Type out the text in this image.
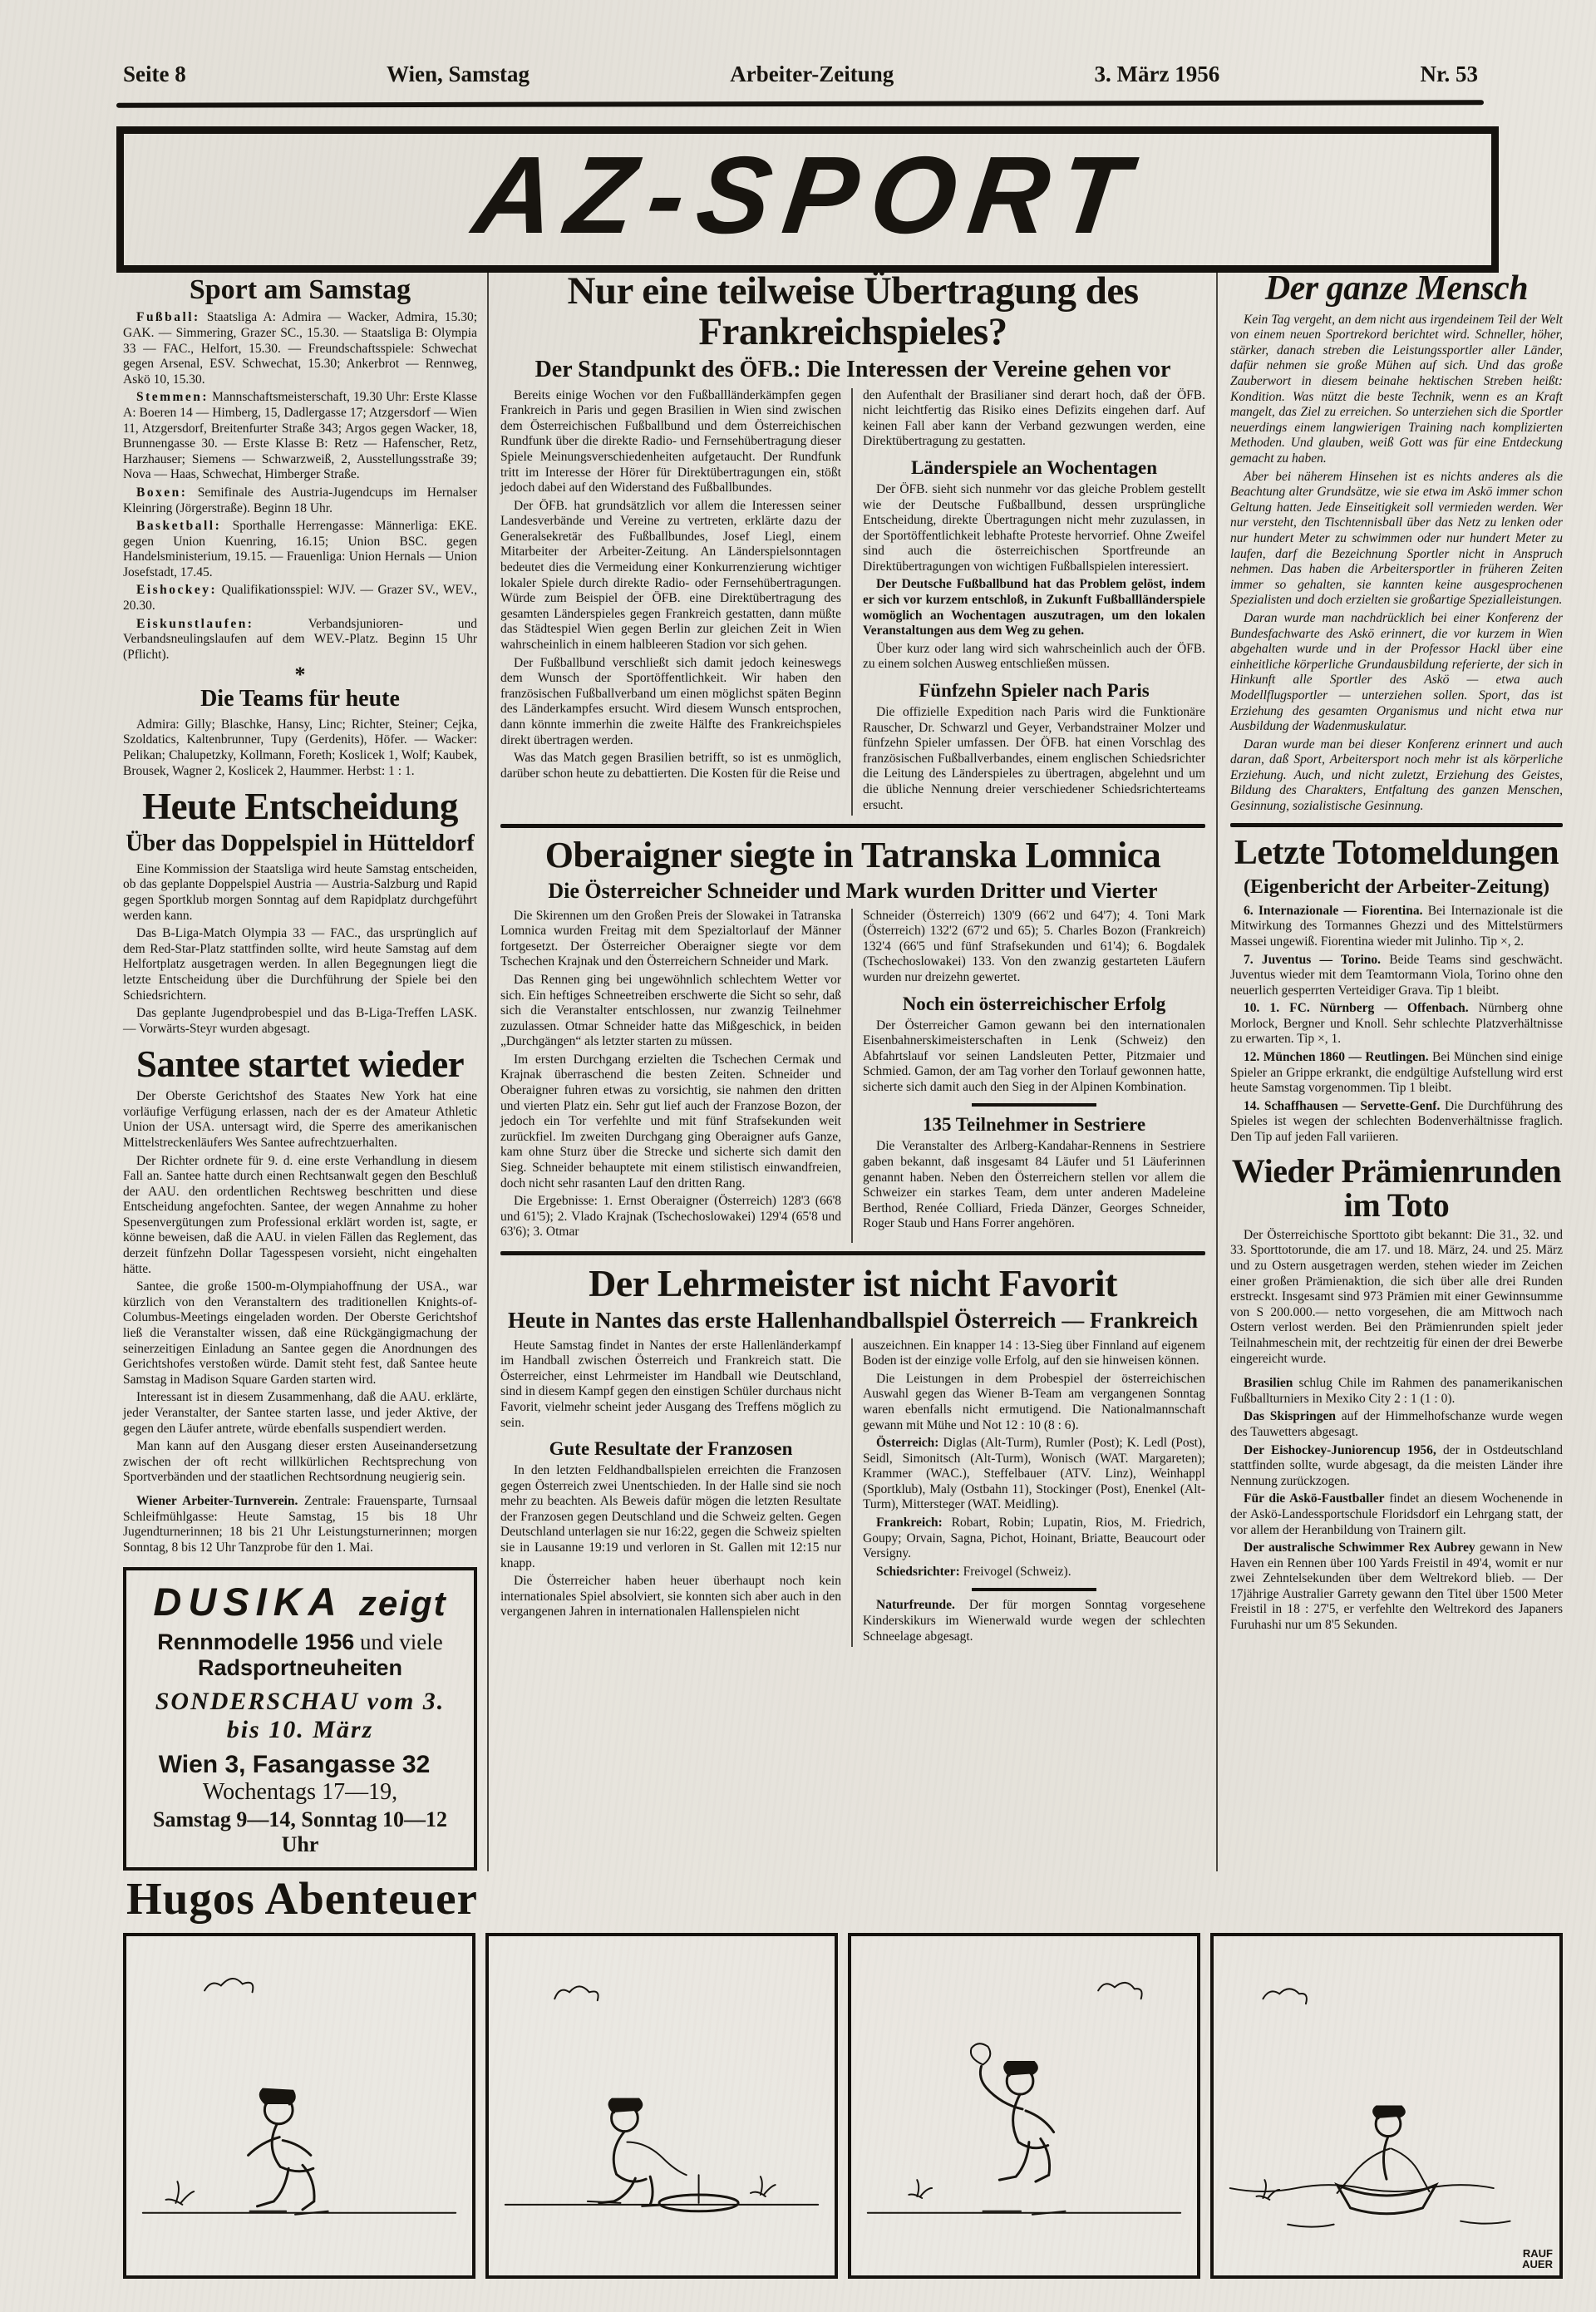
Seite 8	Wien, Samstag	Arbeiter-Zeitung	3. März 1956	Nr. 53
AZ-SPORT
Sport am Samstag

Fußball: Staatsliga A: Admira — Wacker, Admira, 15.30; GAK. — Simmering, Grazer SC., 15.30. — Staatsliga B: Olympia 33 — FAC., Helfort, 15.30. — Freundschaftsspiele: Schwechat gegen Arsenal, ESV. Schwechat, 15.30; Ankerbrot — Rennweg, Askö 10, 15.30.

Stemmen: Mannschaftsmeisterschaft, 19.30 Uhr: Erste Klasse A: Boeren 14 — Himberg, 15, Dadlergasse 17; Atzgersdorf — Wien 11, Atzgersdorf, Breitenfurter Straße 343; Argos gegen Wacker, 18, Brunnengasse 30. — Erste Klasse B: Retz — Hafenscher, Retz, Harzhauser; Siemens — Schwarzweiß, 2, Ausstellungsstraße 39; Nova — Haas, Schwechat, Himberger Straße.

Boxen: Semifinale des Austria-Jugendcups im Hernalser Kleinring (Jörgerstraße). Beginn 18 Uhr.

Basketball: Sporthalle Herrengasse: Männerliga: EKE. gegen Union Kuenring, 16.15; Union BSC. gegen Handelsministerium, 19.15. — Frauenliga: Union Hernals — Union Josefstadt, 17.45.

Eishockey: Qualifikationsspiel: WJV. — Grazer SV., WEV., 20.30.

Eiskunstlaufen:	Verbandsjunioren- und Verbandsneulingslaufen auf dem WEV.-Platz. Beginn 15 Uhr (Pflicht).

*

Die Teams für heute

Admira: Gilly; Blaschke, Hansy, Linc; Richter, Steiner; Cejka, Szoldatics, Kaltenbrunner, Tupy (Gerdenits), Höfer. — Wacker: Pelikan; Chalupetzky, Kollmann, Foreth; Koslicek 1, Wolf; Kaubek, Brousek, Wagner 2, Koslicek 2, Haummer. Herbst: 1 : 1.

Heute Entscheidung
Über das Doppelspiel in Hütteldorf

Eine Kommission der Staatsliga wird heute Samstag entscheiden, ob das geplante Doppelspiel Austria — Austria-Salzburg und Rapid gegen Sportklub morgen Sonntag auf dem Rapidplatz durchgeführt werden kann.

Das B-Liga-Match Olympia 33 — FAC., das ursprünglich auf dem Red-Star-Platz stattfinden sollte, wird heute Samstag auf dem Helfortplatz ausgetragen werden. In allen Begegnungen liegt die letzte Entscheidung über die Durchführung der Spiele bei den Schiedsrichtern.

Das geplante Jugendprobespiel und das B-Liga-Treffen LASK. — Vorwärts-Steyr wurden abgesagt.

Santee startet wieder

Der Oberste Gerichtshof des Staates New York hat eine vorläufige Verfügung erlassen, nach der es der Amateur Athletic Union der USA. untersagt wird, die Sperre des amerikanischen Mittelstreckenläufers Wes Santee aufrechtzuerhalten.

Der Richter ordnete für 9. d. eine erste Verhandlung in diesem Fall an. Santee hatte durch einen Rechtsanwalt gegen den Beschluß der AAU. den ordentlichen Rechtsweg beschritten und diese Entscheidung angefochten. Santee, der wegen Annahme zu hoher Spesenvergütungen zum Professional erklärt worden ist, sagte, er könne beweisen, daß die AAU. in vielen Fällen das Reglement, das derzeit fünfzehn Dollar Tagesspesen vorsieht, nicht eingehalten hätte.

Santee, die große 1500-m-Olympiahoffnung der USA., war kürzlich von den Veranstaltern des traditionellen Knights-of-Columbus-Meetings eingeladen worden. Der Oberste Gerichtshof ließ die Veranstalter wissen, daß eine Rückgängigmachung der seinerzeitigen Einladung an Santee gegen die Anordnungen des Gerichtshofes verstoßen würde. Damit steht fest, daß Santee heute Samstag in Madison Square Garden starten wird.

Interessant ist in diesem Zusammenhang, daß die AAU. erklärte, jeder Veranstalter, der Santee starten lasse, und jeder Aktive, der gegen den Läufer antrete, würde ebenfalls suspendiert werden.

Man kann auf den Ausgang dieser ersten Auseinandersetzung zwischen der oft recht willkürlichen Rechtsprechung von Sportverbänden und der staatlichen Rechtsordnung neugierig sein.

Wiener Arbeiter-Turnverein. Zentrale: Frauensparte, Turnsaal Schleifmühlgasse: Heute Samstag, 15 bis 18 Uhr Jugendturnerinnen; 18 bis 21 Uhr Leistungsturnerinnen; morgen Sonntag, 8 bis 12 Uhr Tanzprobe für den 1. Mai.

DUSIKA zeigt
Rennmodelle 1956 und viele Radsportneuheiten
SONDERSCHAU vom 3. bis 10. März
Wien 3, Fasangasse 32   Wochentags 17—19,
Samstag 9—14, Sonntag 10—12 Uhr
Nur eine teilweise Übertragung des
Frankreichspieles?
Der Standpunkt des ÖFB.: Die Interessen der Vereine gehen vor

Bereits einige Wochen vor den Fußballländerkämpfen gegen Frankreich in Paris und gegen Brasilien in Wien sind zwischen dem Österreichischen Fußballbund und dem Österreichischen Rundfunk über die direkte Radio- und Fernsehübertragung dieser Spiele Meinungsverschiedenheiten aufgetaucht. Der Rundfunk tritt im Interesse der Hörer für Direktübertragungen ein, stößt jedoch dabei auf den Widerstand des Fußballbundes.

Der ÖFB. hat grundsätzlich vor allem die Interessen seiner Landesverbände und Vereine zu vertreten, erklärte dazu der Generalsekretär des Fußballbundes, Josef Liegl, einem Mitarbeiter der Arbeiter-Zeitung. An Länderspielsonntagen bedeutet dies die Vermeidung einer Konkurrenzierung wichtiger lokaler Spiele durch direkte Radio- oder Fernsehübertragungen. Würde zum Beispiel der ÖFB. eine Direktübertragung des gesamten Länderspieles gegen Frankreich gestatten, dann müßte das Städtespiel Wien gegen Berlin zur gleichen Zeit in Wien wahrscheinlich in einem halbleeren Stadion vor sich gehen.

Der Fußballbund verschließt sich damit jedoch keineswegs dem Wunsch der Sportöffentlichkeit. Wir haben den französischen Fußballverband um einen möglichst späten Beginn des Länderkampfes ersucht. Wird diesem Wunsch entsprochen, dann könnte immerhin die zweite Hälfte des Frankreichspieles direkt übertragen werden.

Was das Match gegen Brasilien betrifft, so ist es unmöglich, darüber schon heute zu debattierten. Die Kosten für die Reise und

den Aufenthalt der Brasilianer sind derart hoch, daß der ÖFB. nicht leichtfertig das Risiko eines Defizits eingehen darf. Auf keinen Fall aber kann der Verband gezwungen werden, eine Direktübertragung zu gestatten.

Länderspiele an Wochentagen

Der ÖFB. sieht sich nunmehr vor das gleiche Problem gestellt wie der Deutsche Fußballbund, dessen ursprüngliche Entscheidung, direkte Übertragungen nicht mehr zuzulassen, in der Sportöffentlichkeit lebhafte Proteste hervorrief. Ohne Zweifel sind auch die österreichischen Sportfreunde an Direktübertragungen von wichtigen Fußballspielen interessiert.

Der Deutsche Fußballbund hat das Problem gelöst, indem er sich vor kurzem entschloß, in Zukunft Fußballländerspiele womöglich an Wochentagen auszutragen, um den lokalen Veranstaltungen aus dem Weg zu gehen.

Über kurz oder lang wird sich wahrscheinlich auch der ÖFB. zu einem solchen Ausweg entschließen müssen.

Fünfzehn Spieler nach Paris

Die offizielle Expedition nach Paris wird die Funktionäre Rauscher, Dr. Schwarzl und Geyer, Verbandstrainer Molzer und fünfzehn Spieler umfassen. Der ÖFB. hat einen Vorschlag des französischen Fußballverbandes, einem englischen Schiedsrichter die Leitung des Länderspieles zu übertragen, abgelehnt und um die übliche Nennung dreier verschiedener Schiedsrichterteams ersucht.

Oberaigner siegte in Tatranska Lomnica
Die Österreicher Schneider und Mark wurden Dritter und Vierter

Die Skirennen um den Großen Preis der Slowakei in Tatranska Lomnica wurden Freitag mit dem Spezialtorlauf der Männer fortgesetzt. Der Österreicher Oberaigner siegte vor dem Tschechen Krajnak und den Österreichern Schneider und Mark.

Das Rennen ging bei ungewöhnlich schlechtem Wetter vor sich. Ein heftiges Schneetreiben erschwerte die Sicht so sehr, daß sich die Veranstalter entschlossen, nur zwanzig Teilnehmer zuzulassen. Otmar Schneider hatte das Mißgeschick, in beiden „Durchgängen“ als letzter starten zu müssen.

Im ersten Durchgang erzielten die Tschechen Cermak und Krajnak überraschend die besten Zeiten. Schneider und Oberaigner fuhren etwas zu vorsichtig, sie nahmen den dritten und vierten Platz ein. Sehr gut lief auch der Franzose Bozon, der jedoch ein Tor verfehlte und mit fünf Strafsekunden weit zurückfiel. Im zweiten Durchgang ging Oberaigner aufs Ganze, kam ohne Sturz über die Strecke und sicherte sich damit den Sieg. Schneider behauptete mit einem stilistisch einwandfreien, doch nicht sehr rasanten Lauf den dritten Rang.

Die Ergebnisse: 1. Ernst Oberaigner (Österreich) 128'3 (66'8 und 61'5); 2. Vlado Krajnak (Tschechoslowakei) 129'4 (65'8 und 63'6); 3. Otmar

Schneider (Österreich) 130'9 (66'2 und 64'7); 4. Toni Mark (Österreich) 132'2 (67'2 und 65); 5. Charles Bozon (Frankreich) 132'4 (66'5 und fünf Strafsekunden und 61'4); 6. Bogdalek (Tschechoslowakei) 133. Von den zwanzig gestarteten Läufern wurden nur dreizehn gewertet.

Noch ein österreichischer Erfolg

Der Österreicher Gamon gewann bei den internationalen Eisenbahnerskimeisterschaften in Lenk (Schweiz) den Abfahrtslauf vor seinen Landsleuten Petter, Pitzmaier und Schmied. Gamon, der am Tag vorher den Torlauf gewonnen hatte, sicherte sich damit auch den Sieg in der Alpinen Kombination.

135 Teilnehmer in Sestriere

Die Veranstalter des Arlberg-Kandahar-Rennens in Sestriere gaben bekannt, daß insgesamt 84 Läufer und 51 Läuferinnen genannt haben. Neben den Österreichern stellen vor allem die Schweizer ein starkes Team, dem unter anderen Madeleine Berthod, Renée Colliard, Frieda Dänzer, Georges Schneider, Roger Staub und Hans Forrer angehören.

Der Lehrmeister ist nicht Favorit
Heute in Nantes das erste Hallenhandballspiel Österreich — Frankreich

Heute Samstag findet in Nantes der erste Hallenländerkampf im Handball zwischen Österreich und Frankreich statt. Die Österreicher, einst Lehrmeister im Handball wie Deutschland, sind in diesem Kampf gegen den einstigen Schüler durchaus nicht Favorit, vielmehr scheint jeder Ausgang des Treffens möglich zu sein.

Gute Resultate der Franzosen

In den letzten Feldhandballspielen erreichten die Franzosen gegen Österreich zwei Unentschieden. In der Halle sind sie noch mehr zu beachten. Als Beweis dafür mögen die letzten Resultate der Franzosen gegen Deutschland und die Schweiz gelten. Gegen Deutschland unterlagen sie nur 16:22, gegen die Schweiz spielten sie in Lausanne 19:19 und verloren in St. Gallen mit 12:15 nur knapp.

Die Österreicher haben heuer überhaupt noch kein internationales Spiel absolviert, sie konnten sich aber auch in den vergangenen Jahren in internationalen Hallenspielen nicht

auszeichnen. Ein knapper 14 : 13-Sieg über Finnland auf eigenem Boden ist der einzige volle Erfolg, auf den sie hinweisen können.

Die Leistungen in dem Probespiel der österreichischen Auswahl gegen das Wiener B-Team am vergangenen Sonntag waren ebenfalls nicht ermutigend. Die Nationalmannschaft gewann mit Mühe und Not 12 : 10 (8 : 6).

Österreich: Diglas (Alt-Turm), Rumler (Post); K. Ledl (Post), Seidl, Simonitsch (Alt-Turm), Wonisch (WAT. Margareten); Krammer (WAC.), Steffelbauer (ATV. Linz), Weinhappl (Sportklub), Maly (Ostbahn 11), Stockinger (Post), Enenkel (Alt-Turm), Mittersteger (WAT. Meidling).

Frankreich: Robart, Robin; Lupatin, Rios, M. Friedrich, Goupy; Orvain, Sagna, Pichot, Hoinant, Briatte, Beaucourt oder Versigny.

Schiedsrichter: Freivogel (Schweiz).

Naturfreunde. Der für morgen Sonntag vorgesehene Kinderskikurs im Wienerwald wurde wegen der schlechten Schneelage abgesagt.

Der ganze Mensch

Kein Tag vergeht, an dem nicht aus irgendeinem Teil der Welt von einem neuen Sportrekord berichtet wird. Schneller, höher, stärker, danach streben die Leistungssportler aller Länder, dafür nehmen sie große Mühen auf sich. Und das große Zauberwort in diesem beinahe hektischen Streben heißt: Kondition. Was nützt die beste Technik, wenn es an Kraft mangelt, das Ziel zu erreichen. So unterziehen sich die Sportler neuerdings einem langwierigen Training nach komplizierten Methoden. Und glauben, weiß Gott was für eine Entdeckung gemacht zu haben.

Aber bei näherem Hinsehen ist es nichts anderes als die Beachtung alter Grundsätze, wie sie etwa im Askö immer schon Geltung hatten. Jede Einseitigkeit soll vermieden werden. Wer nur versteht, den Tischtennisball über das Netz zu lenken oder nur hundert Meter zu schwimmen oder nur hundert Meter zu laufen, darf die Bezeichnung Sportler nicht in Anspruch nehmen. Das haben die Arbeitersportler in früheren Zeiten immer so gehalten, sie kannten keine ausgesprochenen Spezialisten und doch erzielten sie großartige Spezialleistungen.

Daran wurde man nachdrücklich bei einer Konferenz der Bundesfachwarte des Askö erinnert, die vor kurzem in Wien abgehalten wurde und in der Professor Hackl über eine einheitliche körperliche Grundausbildung referierte, der sich in Hinkunft alle Sportler des Askö — etwa auch Modellflugsportler — unterziehen sollen. Sport, das ist Erziehung des gesamten Organismus und nicht etwa nur Ausbildung der Wadenmuskulatur.

Daran wurde man bei dieser Konferenz erinnert und auch daran, daß Sport, Arbeitersport noch mehr ist als körperliche Erziehung. Auch, und nicht zuletzt, Erziehung des Geistes, Bildung des Charakters, Entfaltung des ganzen Menschen, Gesinnung, sozialistische Gesinnung.

Letzte Totomeldungen
(Eigenbericht der Arbeiter-Zeitung)

6. Internazionale — Fiorentina. Bei Internazionale ist die Mitwirkung des Tormannes Ghezzi und des Mittelstürmers Massei ungewiß. Fiorentina wieder mit Julinho. Tip ×, 2.

7. Juventus — Torino. Beide Teams sind geschwächt. Juventus wieder mit dem Teamtormann Viola, Torino ohne den neuerlich gesperrten Verteidiger Grava. Tip 1 bleibt.

10. 1. FC. Nürnberg — Offenbach. Nürnberg ohne Morlock, Bergner und Knoll. Sehr schlechte Platzverhältnisse zu erwarten. Tip ×, 1.

12. München 1860 — Reutlingen. Bei München sind einige Spieler an Grippe erkrankt, die endgültige Aufstellung wird erst heute Samstag vorgenommen. Tip 1 bleibt.

14. Schaffhausen — Servette-Genf. Die Durchführung des Spieles ist wegen der schlechten Bodenverhältnisse fraglich. Den Tip auf jeden Fall variieren.

Wieder Prämienrunden
im Toto

Der Österreichische Sporttoto gibt bekannt: Die 31., 32. und 33. Sporttotorunde, die am 17. und 18. März, 24. und 25. März und zu Ostern ausgetragen werden, stehen wieder im Zeichen einer großen Prämienaktion, die sich über alle drei Runden erstreckt. Insgesamt sind 973 Prämien mit einer Gewinnsumme von S 200.000.— netto vorgesehen, die am Mittwoch nach Ostern verlost werden. Bei den Prämienrunden spielt jeder Teilnahmeschein mit, der rechtzeitig für einen der drei Bewerbe eingereicht wurde.

Brasilien schlug Chile im Rahmen des panamerikanischen Fußballturniers in Mexiko City 2 : 1 (1 : 0).

Das Skispringen auf der Himmelhofschanze wurde wegen des Tauwetters abgesagt.

Der Eishockey-Juniorencup 1956, der in Ostdeutschland stattfinden sollte, wurde abgesagt, da die meisten Länder ihre Nennung zurückzogen.

Für die Askö-Faustballer findet an diesem Wochenende in der Askö-Landessportschule Floridsdorf ein Lehrgang statt, der vor allem der Heranbildung von Trainern gilt.

Der australische Schwimmer Rex Aubrey gewann in New Haven ein Rennen über 100 Yards Freistil in 49'4, womit er nur zwei Zehntelsekunden über dem Weltrekord blieb. — Der 17jährige Australier Garrety gewann den Titel über 1500 Meter Freistil in 18 : 27'5, er verfehlte den Weltrekord des Japaners Furuhashi nur um 8'5 Sekunden.

Hugos Abenteuer
RAUF
AUER
